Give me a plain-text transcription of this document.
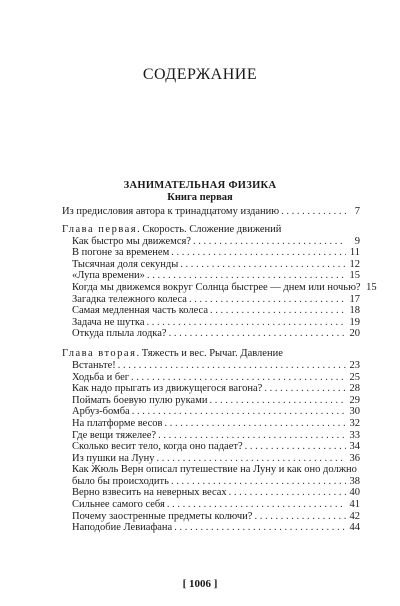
СОДЕРЖАНИЕ
ЗАНИМАТЕЛЬНАЯ ФИЗИКА
Книга первая
Из предисловия автора к тринадцатому изданию . . .	7
Глава первая. Скорость. Сложение движений
Как быстро мы движемся? . . .	9
В погоне за временем . . .	11
Тысячная доля секунды . . .	12
«Лупа времени» . . .	15
Когда мы движемся вокруг Солнца быстрее — днем или ночью? 15
Загадка тележного колеса . . .	17
Самая медленная часть колеса . . .	18
Задача не шутка . . .	19
Откуда плыла лодка? . . .	20
Глава вторая. Тяжесть и вес. Рычаг. Давление
Встаньте! . . .	23
Ходьба и бег . . .	25
Как надо прыгать из движущегося вагона? . . .	28
Поймать боевую пулю руками . . .	29
Арбуз-бомба . . .	30
На платформе весов . . .	32
Где вещи тяжелее? . . .	33
Сколько весит тело, когда оно падает? . . .	34
Из пушки на Луну . . .	36
Как Жюль Верн описал путешествие на Луну и как оно должно
было бы происходить . . .	38
Верно взвесить на неверных весах . . .	40
Сильнее самого себя . . .	41
Почему заостренные предметы колючи? . . .	42
Наподобие Левиафана . . .	44
[ 1006 ]
